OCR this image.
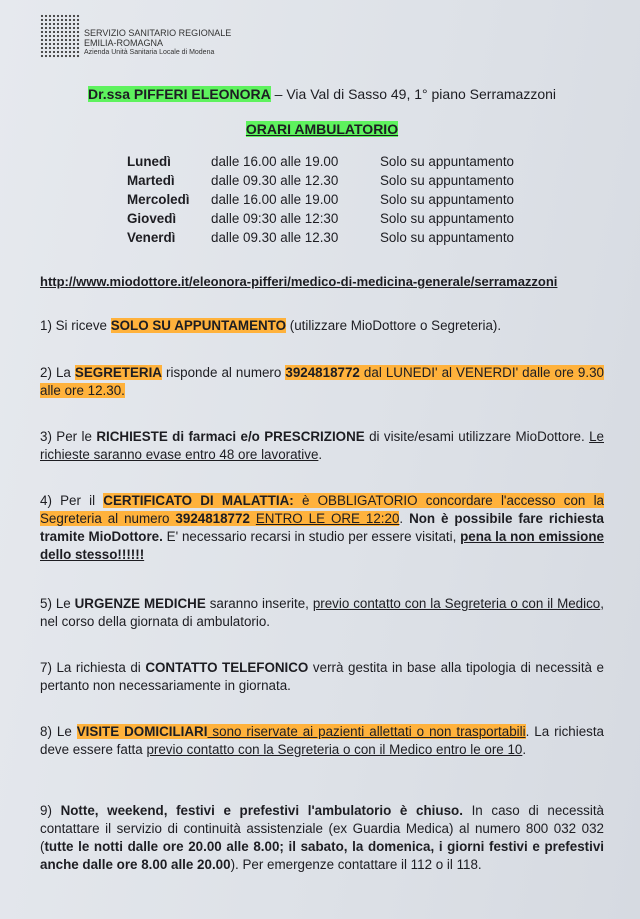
SERVIZIO SANITARIO REGIONALE
EMILIA-ROMAGNA
Azienda Unità Sanitaria Locale di Modena
Dr.ssa PIFFERI ELEONORA – Via Val di Sasso 49, 1° piano Serramazzoni
ORARI AMBULATORIO
Lunedì	dalle 16.00 alle 19.00	Solo su appuntamento
Martedì	dalle 09.30 alle 12.30	Solo su appuntamento
Mercoledì	dalle 16.00 alle 19.00	Solo su appuntamento
Giovedì	dalle 09:30 alle 12:30	Solo su appuntamento
Venerdì	dalle 09.30 alle 12.30	Solo su appuntamento
http://www.miodottore.it/eleonora-pifferi/medico-di-medicina-generale/serramazzoni
1) Si riceve SOLO SU APPUNTAMENTO (utilizzare MioDottore o Segreteria).
2) La SEGRETERIA risponde al numero 3924818772 dal LUNEDI' al VENERDI' dalle ore 9.30 alle ore 12.30.
3) Per le RICHIESTE di farmaci e/o PRESCRIZIONE di visite/esami utilizzare MioDottore. Le richieste saranno evase entro 48 ore lavorative.
4) Per il CERTIFICATO DI MALATTIA: è OBBLIGATORIO concordare l'accesso con la Segreteria al numero 3924818772 ENTRO LE ORE 12:20. Non è possibile fare richiesta tramite MioDottore. E' necessario recarsi in studio per essere visitati, pena la non emissione dello stesso!!!!!!
5) Le URGENZE MEDICHE saranno inserite, previo contatto con la Segreteria o con il Medico, nel corso della giornata di ambulatorio.
7) La richiesta di CONTATTO TELEFONICO verrà gestita in base alla tipologia di necessità e pertanto non necessariamente in giornata.
8) Le VISITE DOMICILIARI sono riservate ai pazienti allettati o non trasportabili. La richiesta deve essere fatta previo contatto con la Segreteria o con il Medico entro le ore 10.
9) Notte, weekend, festivi e prefestivi l'ambulatorio è chiuso. In caso di necessità contattare il servizio di continuità assistenziale (ex Guardia Medica) al numero 800 032 032 (tutte le notti dalle ore 20.00 alle 8.00; il sabato, la domenica, i giorni festivi e prefestivi anche dalle ore 8.00 alle 20.00). Per emergenze contattare il 112 o il 118.
